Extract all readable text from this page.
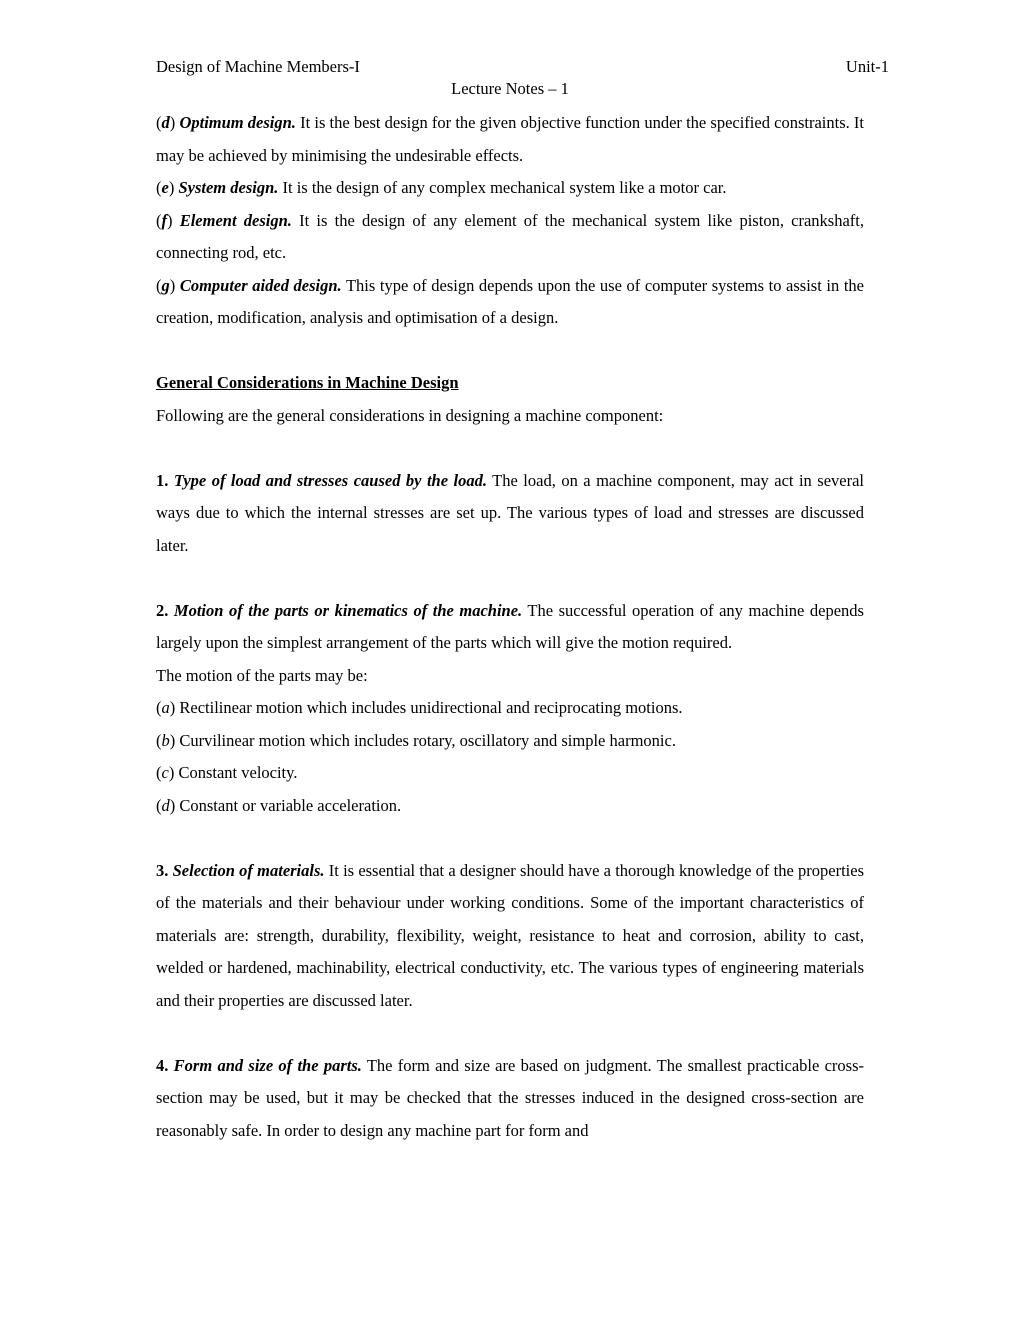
Design of Machine Members-I	Unit-1
Lecture Notes – 1

(d) Optimum design. It is the best design for the given objective function under the specified constraints. It may be achieved by minimising the undesirable effects.

(e) System design. It is the design of any complex mechanical system like a motor car.

(f) Element design. It is the design of any element of the mechanical system like piston, crankshaft, connecting rod, etc.

(g) Computer aided design. This type of design depends upon the use of computer systems to assist in the creation, modification, analysis and optimisation of a design.

General Considerations in Machine Design

Following are the general considerations in designing a machine component:

1. Type of load and stresses caused by the load. The load, on a machine component, may act in several ways due to which the internal stresses are set up. The various types of load and stresses are discussed later.

2. Motion of the parts or kinematics of the machine. The successful operation of any machine depends largely upon the simplest arrangement of the parts which will give the motion required.

The motion of the parts may be:

(a) Rectilinear motion which includes unidirectional and reciprocating motions.

(b) Curvilinear motion which includes rotary, oscillatory and simple harmonic.

(c) Constant velocity.

(d) Constant or variable acceleration.

3. Selection of materials. It is essential that a designer should have a thorough knowledge of the properties of the materials and their behaviour under working conditions. Some of the important characteristics of materials are: strength, durability, flexibility, weight, resistance to heat and corrosion, ability to cast, welded or hardened, machinability, electrical conductivity, etc. The various types of engineering materials and their properties are discussed later.

4. Form and size of the parts. The form and size are based on judgment. The smallest practicable cross-section may be used, but it may be checked that the stresses induced in the designed cross-section are reasonably safe. In order to design any machine part for form and
